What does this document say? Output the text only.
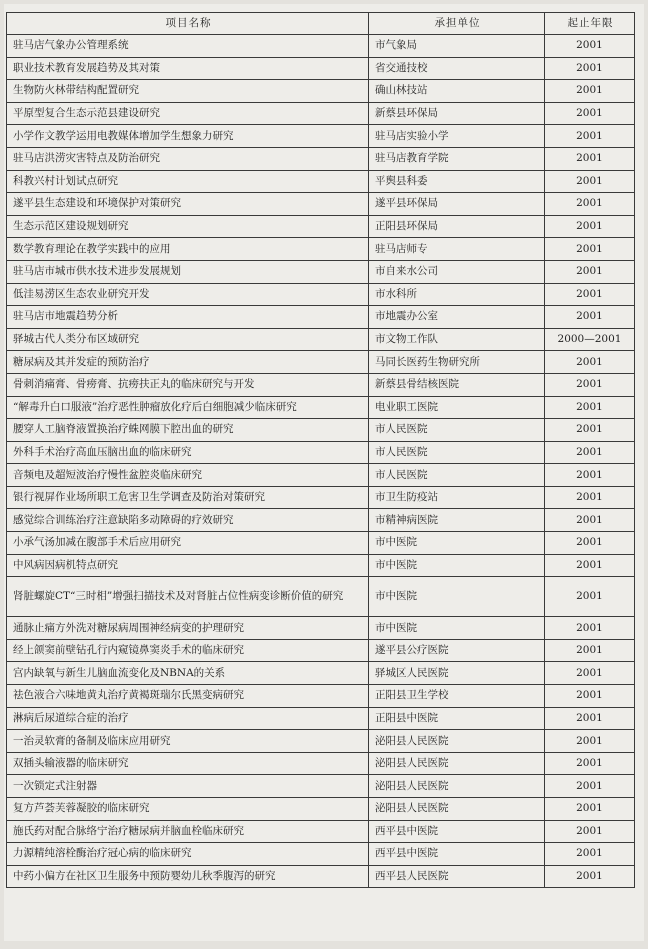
项目名称	承担单位	起止年限
驻马店气象办公管理系统	市气象局	2001
职业技术教育发展趋势及其对策	省交通技校	2001
生物防火林带结构配置研究	确山林技站	2001
平原型复合生态示范县建设研究	新蔡县环保局	2001
小学作文教学运用电教媒体增加学生想象力研究	驻马店实验小学	2001
驻马店洪涝灾害特点及防治研究	驻马店教育学院	2001
科教兴村计划试点研究	平舆县科委	2001
遂平县生态建设和环境保护对策研究	遂平县环保局	2001
生态示范区建设规划研究	正阳县环保局	2001
数学教育理论在教学实践中的应用	驻马店师专	2001
驻马店市城市供水技术进步发展规划	市自来水公司	2001
低洼易涝区生态农业研究开发	市水科所	2001
驻马店市地震趋势分析	市地震办公室	2001
驿城古代人类分布区域研究	市文物工作队	2000—2001
糖尿病及其并发症的预防治疗	马同长医药生物研究所	2001
骨刺消痛膏、骨痨膏、抗痨扶正丸的临床研究与开发	新蔡县骨结核医院	2001
“解毒升白口服液”治疗恶性肿瘤放化疗后白细胞减少临床研究	电业职工医院	2001
腰穿人工脑脊液置换治疗蛛网膜下腔出血的研究	市人民医院	2001
外科手术治疗高血压脑出血的临床研究	市人民医院	2001
音频电及超短波治疗慢性盆腔炎临床研究	市人民医院	2001
银行视屏作业场所职工危害卫生学调查及防治对策研究	市卫生防疫站	2001
感觉综合训练治疗注意缺陷多动障碍的疗效研究	市精神病医院	2001
小承气汤加减在腹部手术后应用研究	市中医院	2001
中风病因病机特点研究	市中医院	2001
肾脏螺旋CT“三时相”增强扫描技术及对肾脏占位性病变诊断价值的研究	市中医院	2001
通脉止痛方外洗对糖尿病周围神经病变的护理研究	市中医院	2001
经上颌窦前壁钻孔行内窥镜鼻窦炎手术的临床研究	遂平县公疗医院	2001
宫内缺氧与新生儿脑血流变化及NBNA的关系	驿城区人民医院	2001
祛色液合六味地黄丸治疗黄褐斑瑞尔氏黑变病研究	正阳县卫生学校	2001
淋病后尿道综合症的治疗	正阳县中医院	2001
一治灵软膏的备制及临床应用研究	泌阳县人民医院	2001
双插头输液器的临床研究	泌阳县人民医院	2001
一次锁定式注射器	泌阳县人民医院	2001
复方芦荟芙蓉凝胶的临床研究	泌阳县人民医院	2001
施氏药对配合脉络宁治疗糖尿病并脑血栓临床研究	西平县中医院	2001
力源精纯溶栓酶治疗冠心病的临床研究	西平县中医院	2001
中药小偏方在社区卫生服务中预防婴幼儿秋季腹泻的研究	西平县人民医院	2001
